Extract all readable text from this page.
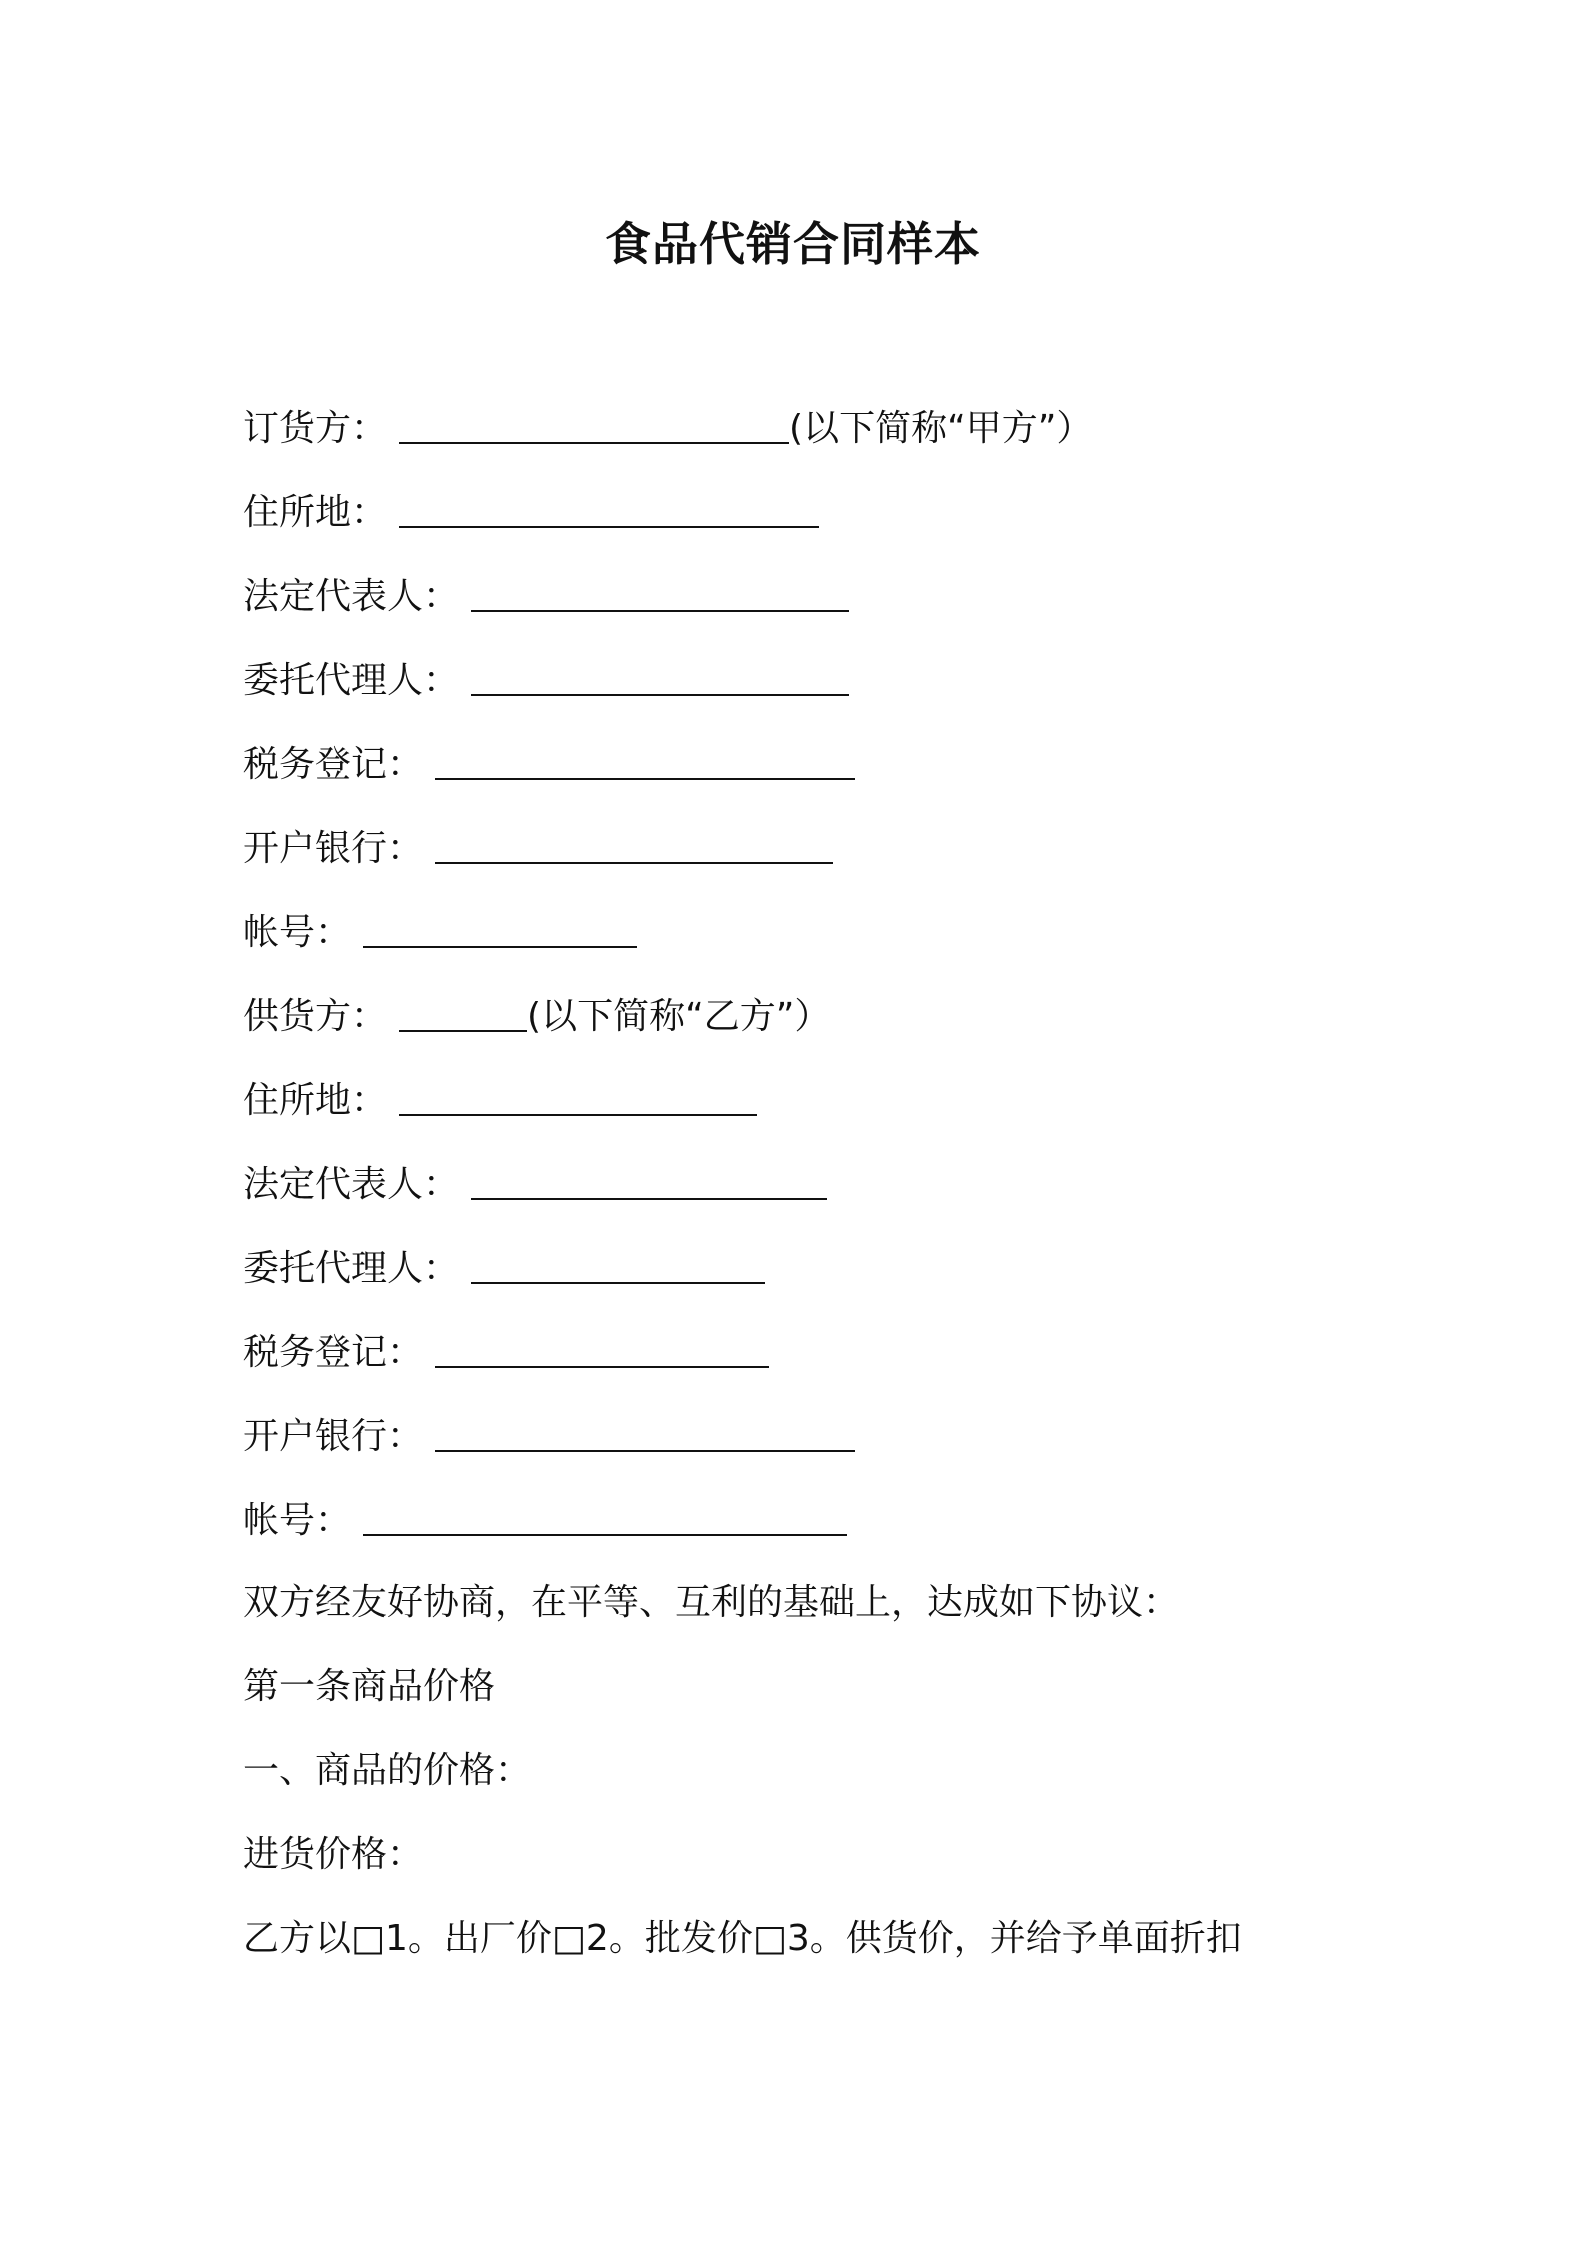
食品代销合同样本
订货方 ：	(以下简称“甲方”）
住所地 ：
法定代表人 ：
委托代理人 ：
税务登记 ：
开户银行 ：
帐号 ：
供货方 ：	(以下简称“乙方”）
住所地 ：
法定代表人 ：
委托代理人 ：
税务登记 ：
开户银行 ：
帐号 ：
双方经友好协商，在平等、互利的基础上，达成如下协议：
第一条商品价格
一、商品的价格：
进货价格：
乙方以□1。出厂价□2。批发价□3。供货价，并给予单面折扣
